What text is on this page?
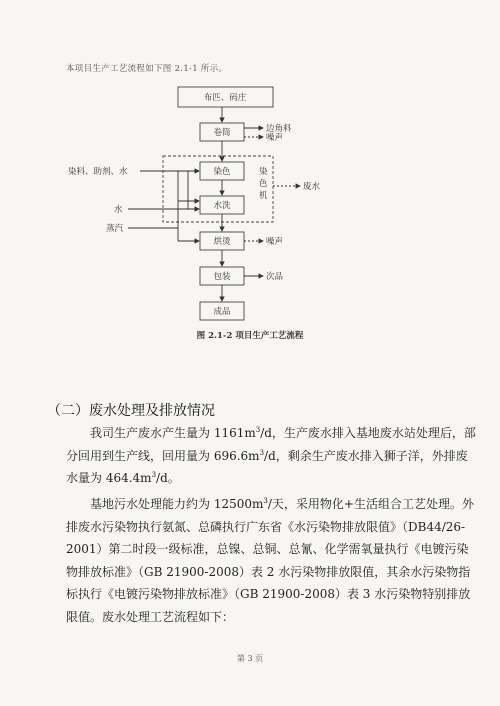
本项目生产工艺流程如下图 2.1-1 所示。
布匹、码庄
卷筒
染色
水洗
烘烫
包装
成品
染
色
机
染料、助剂、水
水
蒸汽
边角料
噪声
废水
噪声
次品
图 2.1-2 项目生产工艺流程
（二）废水处理及排放情况

我司生产废水产生量为 $1161m^3/d$，生产废水排入基地废水站处理后，部分回用到生产线，回用量为 $696.6m^3/d$，剩余生产废水排入狮子洋，外排废水量为 $464.4m^3/d$。

基地污水处理能力约为 $12500m^3/$天，采用物化+生活组合工艺处理。外排废水污染物执行氨氮、总磷执行广东省《水污染物排放限值》（DB44/26-2001）第二时段一级标准，总镍、总铜、总氰、化学需氧量执行《电镀污染物排放标准》（GB 21900-2008）表 2 水污染物排放限值，其余水污染物指标执行《电镀污染物排放标准》（GB 21900-2008）表 3 水污染物特别排放限值。废水处理工艺流程如下：

第 3 页
